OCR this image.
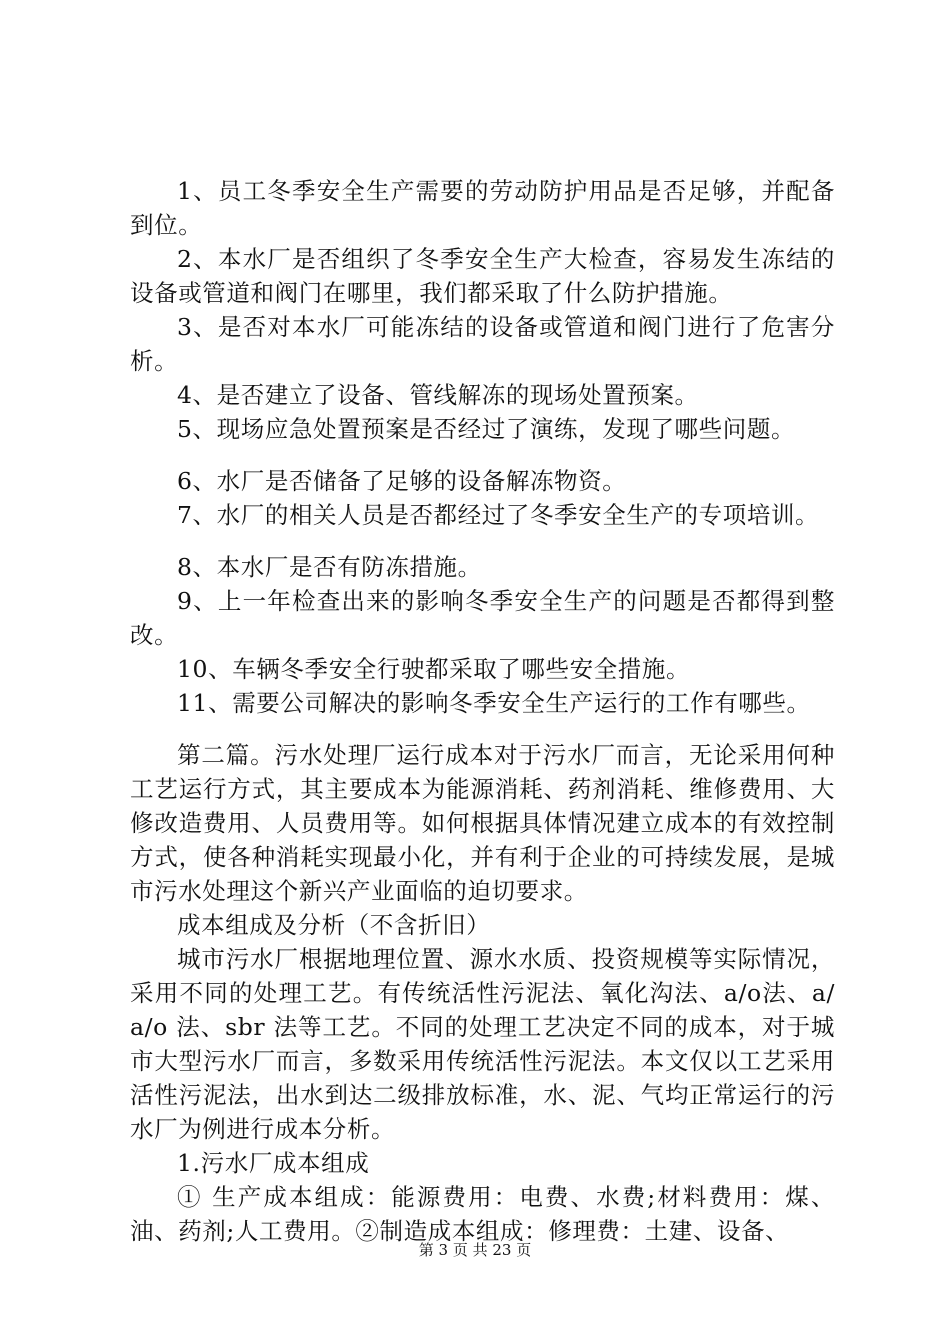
1、员工冬季安全生产需要的劳动防护用品是否足够，并配备到位。

2、本水厂是否组织了冬季安全生产大检查，容易发生冻结的设备或管道和阀门在哪里，我们都采取了什么防护措施。

3、是否对本水厂可能冻结的设备或管道和阀门进行了危害分析。

4、是否建立了设备、管线解冻的现场处置预案。

5、现场应急处置预案是否经过了演练，发现了哪些问题。

6、水厂是否储备了足够的设备解冻物资。

7、水厂的相关人员是否都经过了冬季安全生产的专项培训。

8、本水厂是否有防冻措施。

9、上一年检查出来的影响冬季安全生产的问题是否都得到整改。

10、车辆冬季安全行驶都采取了哪些安全措施。

11、需要公司解决的影响冬季安全生产运行的工作有哪些。

第二篇。污水处理厂运行成本对于污水厂而言，无论采用何种工艺运行方式，其主要成本为能源消耗、药剂消耗、维修费用、大修改造费用、人员费用等。如何根据具体情况建立成本的有效控制方式，使各种消耗实现最小化，并有利于企业的可持续发展，是城市污水处理这个新兴产业面临的迫切要求。

成本组成及分析（不含折旧）

城市污水厂根据地理位置、源水水质、投资规模等实际情况，采用不同的处理工艺。有传统活性污泥法、氧化沟法、a/o法、a/a/o 法、sbr 法等工艺。不同的处理工艺决定不同的成本，对于城市大型污水厂而言，多数采用传统活性污泥法。本文仅以工艺采用活性污泥法，出水到达二级排放标准，水、泥、气均正常运行的污水厂为例进行成本分析。

1.污水厂成本组成

① 生产成本组成：能源费用：电费、水费;材料费用：煤、油、药剂;人工费用。②制造成本组成：修理费：土建、设备、

第 3 页 共 23 页
